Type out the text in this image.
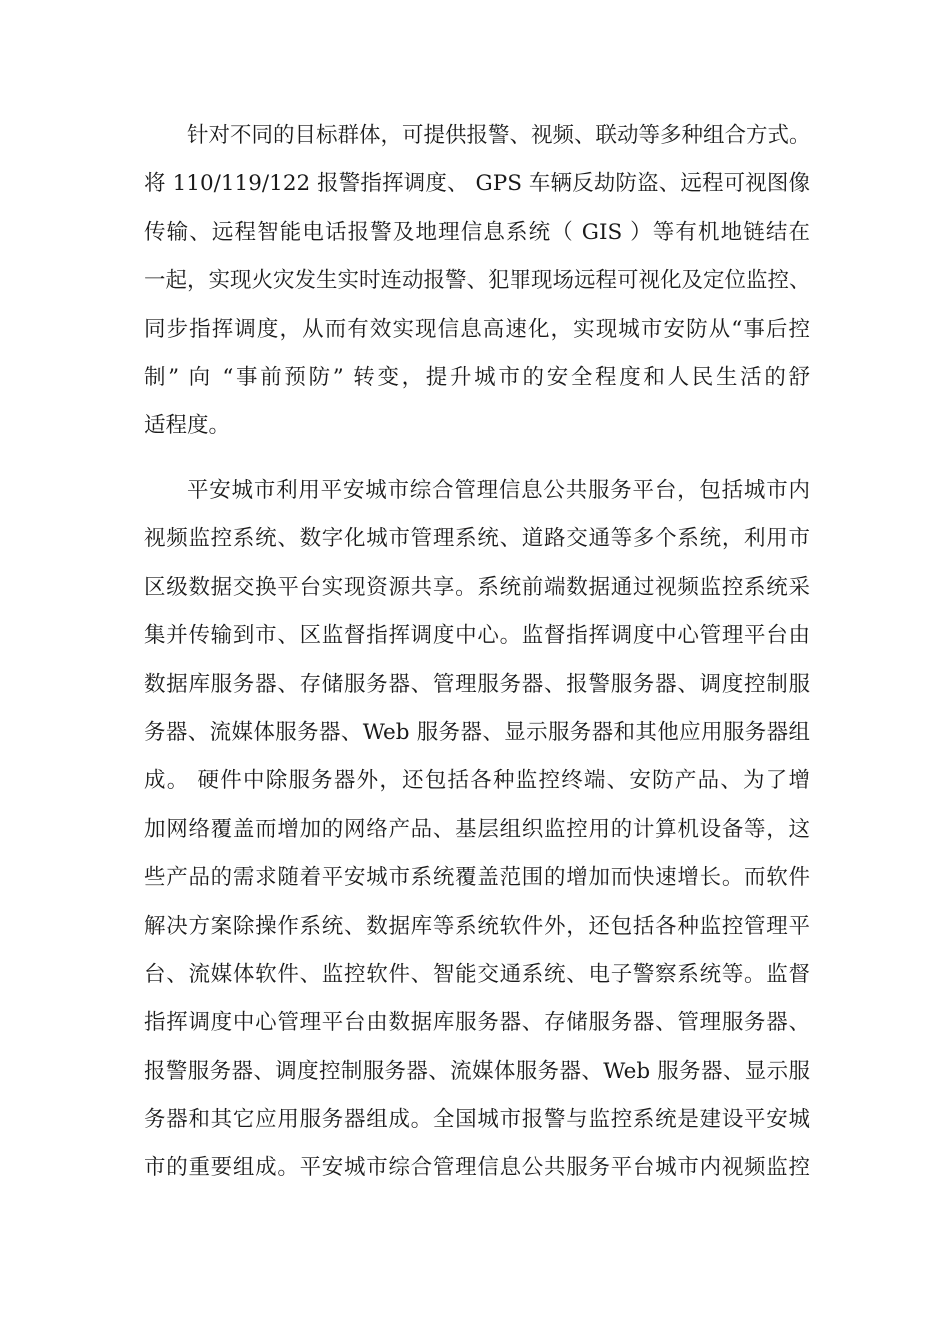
针对不同的目标群体，可提供报警、视频、联动等多种组合方式。
将 110/119/122 报警指挥调度、 GPS 车辆反劫防盗、远程可视图像
传输、远程智能电话报警及地理信息系统（ GIS ）等有机地链结在
一起，实现火灾发生实时连动报警、犯罪现场远程可视化及定位监控、
同步指挥调度，从而有效实现信息高速化，实现城市安防从“事后控
制” 向 “事前预防” 转变，提升城市的安全程度和人民生活的舒
适程度。
平安城市利用平安城市综合管理信息公共服务平台，包括城市内
视频监控系统、数字化城市管理系统、道路交通等多个系统，利用市
区级数据交换平台实现资源共享。系统前端数据通过视频监控系统采
集并传输到市、区监督指挥调度中心。监督指挥调度中心管理平台由
数据库服务器、存储服务器、管理服务器、报警服务器、调度控制服
务器、流媒体服务器、Web 服务器、显示服务器和其他应用服务器组
成。 硬件中除服务器外，还包括各种监控终端、安防产品、为了增
加网络覆盖而增加的网络产品、基层组织监控用的计算机设备等，这
些产品的需求随着平安城市系统覆盖范围的增加而快速增长。而软件
解决方案除操作系统、数据库等系统软件外，还包括各种监控管理平
台、流媒体软件、监控软件、智能交通系统、电子警察系统等。监督
指挥调度中心管理平台由数据库服务器、存储服务器、管理服务器、
报警服务器、调度控制服务器、流媒体服务器、Web 服务器、显示服
务器和其它应用服务器组成。全国城市报警与监控系统是建设平安城
市的重要组成。平安城市综合管理信息公共服务平台城市内视频监控
